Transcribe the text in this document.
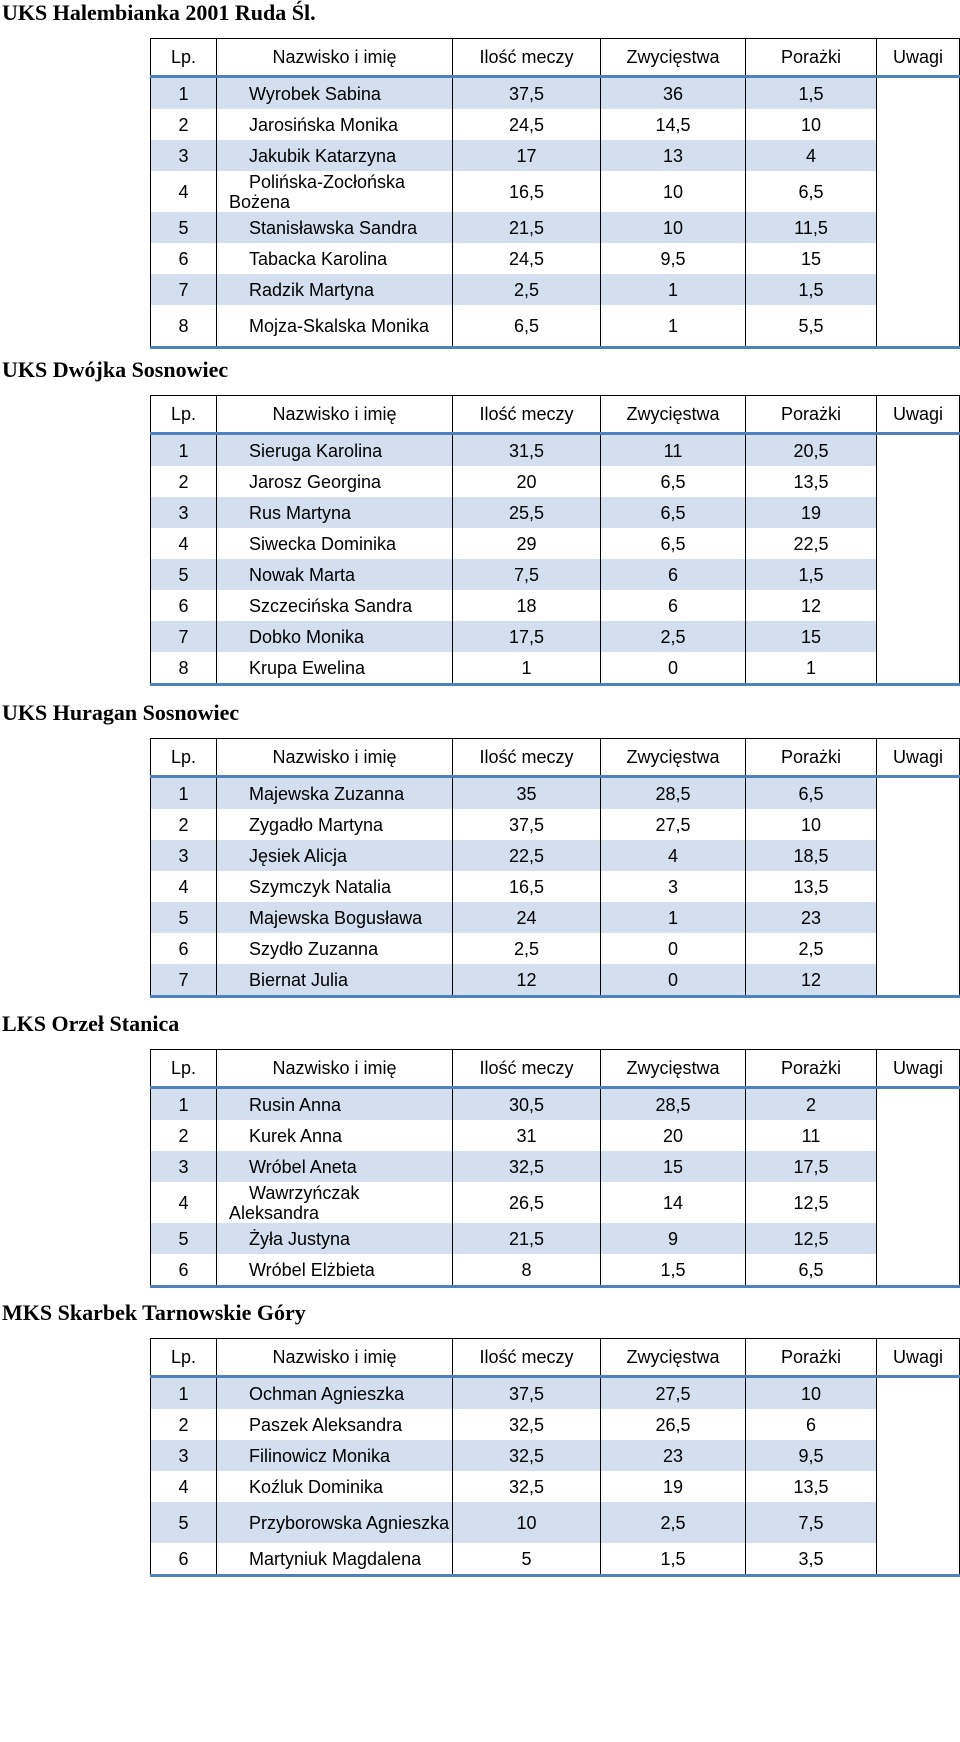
UKS Halembianka 2001 Ruda Śl.
Lp.	Nazwisko i imię	Ilość meczy	Zwycięstwa	Porażki	Uwagi
1	Wyrobek Sabina	37,5	36	1,5	
2	Jarosińska Monika	24,5	14,5	10	
3	Jakubik Katarzyna	17	13	4	
4	Polińska-Zocłońska Bożena	16,5	10	6,5	
5	Stanisławska Sandra	21,5	10	11,5	
6	Tabacka Karolina	24,5	9,5	15	
7	Radzik Martyna	2,5	1	1,5	
8	Mojza-Skalska Monika	6,5	1	5,5	
UKS Dwójka Sosnowiec
Lp.	Nazwisko i imię	Ilość meczy	Zwycięstwa	Porażki	Uwagi
1	Sieruga Karolina	31,5	11	20,5	
2	Jarosz Georgina	20	6,5	13,5	
3	Rus Martyna	25,5	6,5	19	
4	Siwecka Dominika	29	6,5	22,5	
5	Nowak Marta	7,5	6	1,5	
6	Szczecińska Sandra	18	6	12	
7	Dobko Monika	17,5	2,5	15	
8	Krupa Ewelina	1	0	1	
UKS Huragan Sosnowiec
Lp.	Nazwisko i imię	Ilość meczy	Zwycięstwa	Porażki	Uwagi
1	Majewska Zuzanna	35	28,5	6,5	
2	Zygadło Martyna	37,5	27,5	10	
3	Jęsiek Alicja	22,5	4	18,5	
4	Szymczyk Natalia	16,5	3	13,5	
5	Majewska Bogusława	24	1	23	
6	Szydło Zuzanna	2,5	0	2,5	
7	Biernat Julia	12	0	12	
LKS Orzeł Stanica
Lp.	Nazwisko i imię	Ilość meczy	Zwycięstwa	Porażki	Uwagi
1	Rusin Anna	30,5	28,5	2	
2	Kurek Anna	31	20	11	
3	Wróbel Aneta	32,5	15	17,5	
4	Wawrzyńczak Aleksandra	26,5	14	12,5	
5	Żyła Justyna	21,5	9	12,5	
6	Wróbel Elżbieta	8	1,5	6,5	
MKS Skarbek Tarnowskie Góry
Lp.	Nazwisko i imię	Ilość meczy	Zwycięstwa	Porażki	Uwagi
1	Ochman Agnieszka	37,5	27,5	10	
2	Paszek Aleksandra	32,5	26,5	6	
3	Filinowicz Monika	32,5	23	9,5	
4	Koźluk Dominika	32,5	19	13,5	
5	Przyborowska Agnieszka	10	2,5	7,5	
6	Martyniuk Magdalena	5	1,5	3,5	
